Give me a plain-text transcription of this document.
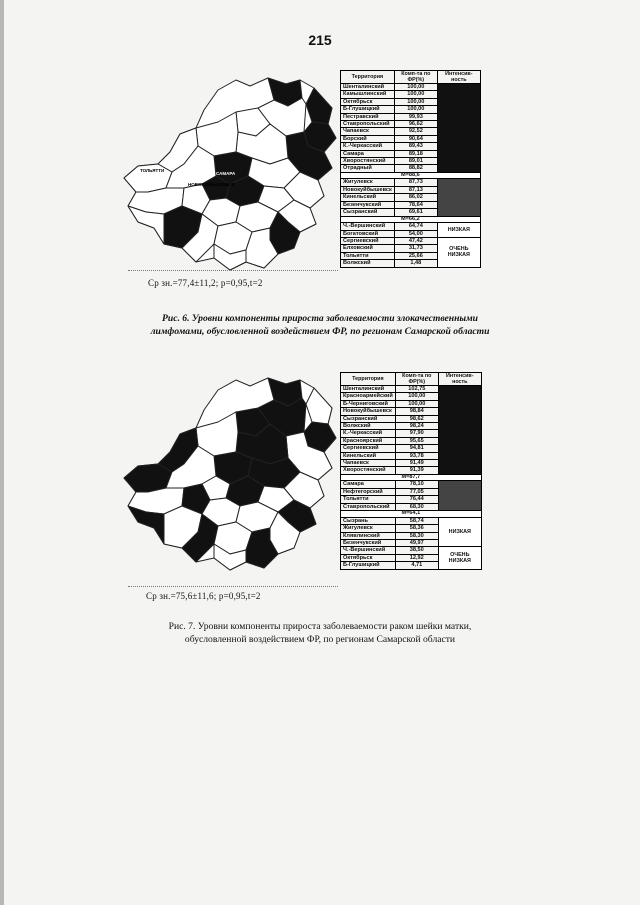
215
ТОЛЬЯТТИ
НОВОКУЙБЫШЕВСК
САМАРА
Ср зн.=77,4±11,2; р=0,95,t=2
Территория	Комп-та по ФР(%)	Интенсив-ность
Шенталинский	100,00	
Камышлинский	100,00	
Октябрьск	100,00	
Б-Глушицкий	100,00	
Пестравский	99,93	
Ставропольский	96,62	
Чапаевск	92,52	
Борский	90,64	
К.-Черкасский	89,43	
Самара	89,18	
Хворостянский	89,01	
Отрадный	88,82	
M=88,6		
Жигулевск	87,73	
Новокуйбышевск	87,13	
Кинельский	86,02	
Безенчукский	78,64	
Сызранский	69,61	
M=66,2		
Ч.-Вершинский	64,74	НИЗКАЯ
Богатовский	54,00	
Сергиевский	47,42	ОЧЕНЬ НИЗКАЯ
Елховский	31,73	
Тольятти	25,66	
Волжский	1,48	
Рис. 6. Уровни компоненты прироста заболеваемости злокачественными лимфомами, обусловленной воздействием ФР, по регионам Самарской области
Ср зн.=75,6±11,6; р=0,95,t=2
Территория	Комп-та по ФР(%)	Интенсив-ность
Шенталинский	102,75	
Красноармейский	100,00	
Б-Черниговский	100,00	
Новокуйбышевск	98,84	
Сызранский	98,62	
Волжский	98,24	
К.-Черкасский	97,90	
Красноярский	95,65	
Сергиевский	94,81	
Кинельский	93,78	
Чапаевск	91,49	
Хворостянский	91,39	
M=87,7		
Самара	78,10	
Нефтегорский	77,05	
Тольятти	76,44	
Ставропольский	68,30	
M=64,1		
Сызрань	58,74	НИЗКАЯ
Жигулевск	58,36	
Клявлинский	58,30	
Безенчукский	49,97	
Ч.-Вершинский	38,50	ОЧЕНЬ НИЗКАЯ
Октябрьск	12,92	
Б-Глушицкий	4,71	
Рис. 7. Уровни компоненты прироста заболеваемости раком шейки матки, обусловленной воздействием ФР, по регионам Самарской области
